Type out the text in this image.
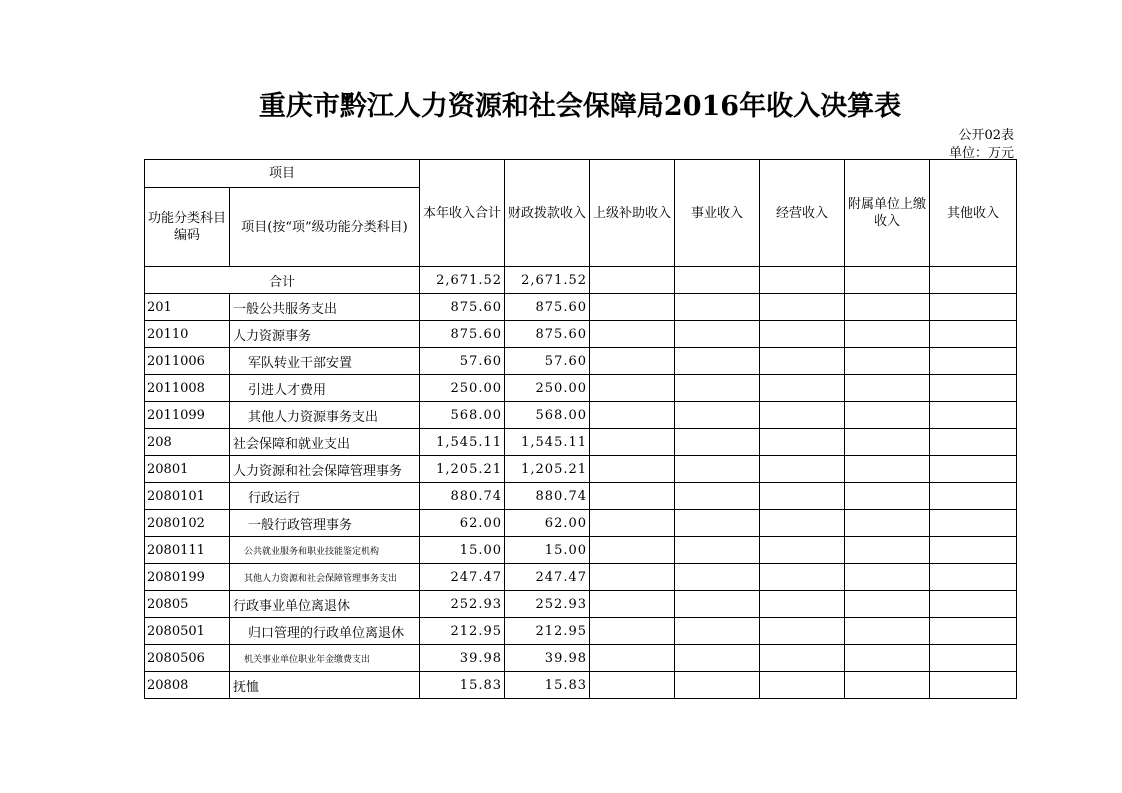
重庆市黔江人力资源和社会保障局2016年收入决算表
公开02表
单位：万元
项目		本年收入合计	财政拨款收入	上级补助收入	事业收入	经营收入	附属单位上缴收入	其他收入
功能分类科目编码	项目(按“项”级功能分类科目)							
合计		2,671.52	2,671.52					
201	一般公共服务支出	875.60	875.60					
20110	人力资源事务	875.60	875.60					
2011006	军队转业干部安置	57.60	57.60					
2011008	引进人才费用	250.00	250.00					
2011099	其他人力资源事务支出	568.00	568.00					
208	社会保障和就业支出	1,545.11	1,545.11					
20801	人力资源和社会保障管理事务	1,205.21	1,205.21					
2080101	行政运行	880.74	880.74					
2080102	一般行政管理事务	62.00	62.00					
2080111	公共就业服务和职业技能鉴定机构	15.00	15.00					
2080199	其他人力资源和社会保障管理事务支出	247.47	247.47					
20805	行政事业单位离退休	252.93	252.93					
2080501	归口管理的行政单位离退休	212.95	212.95					
2080506	机关事业单位职业年金缴费支出	39.98	39.98					
20808	抚恤	15.83	15.83					
